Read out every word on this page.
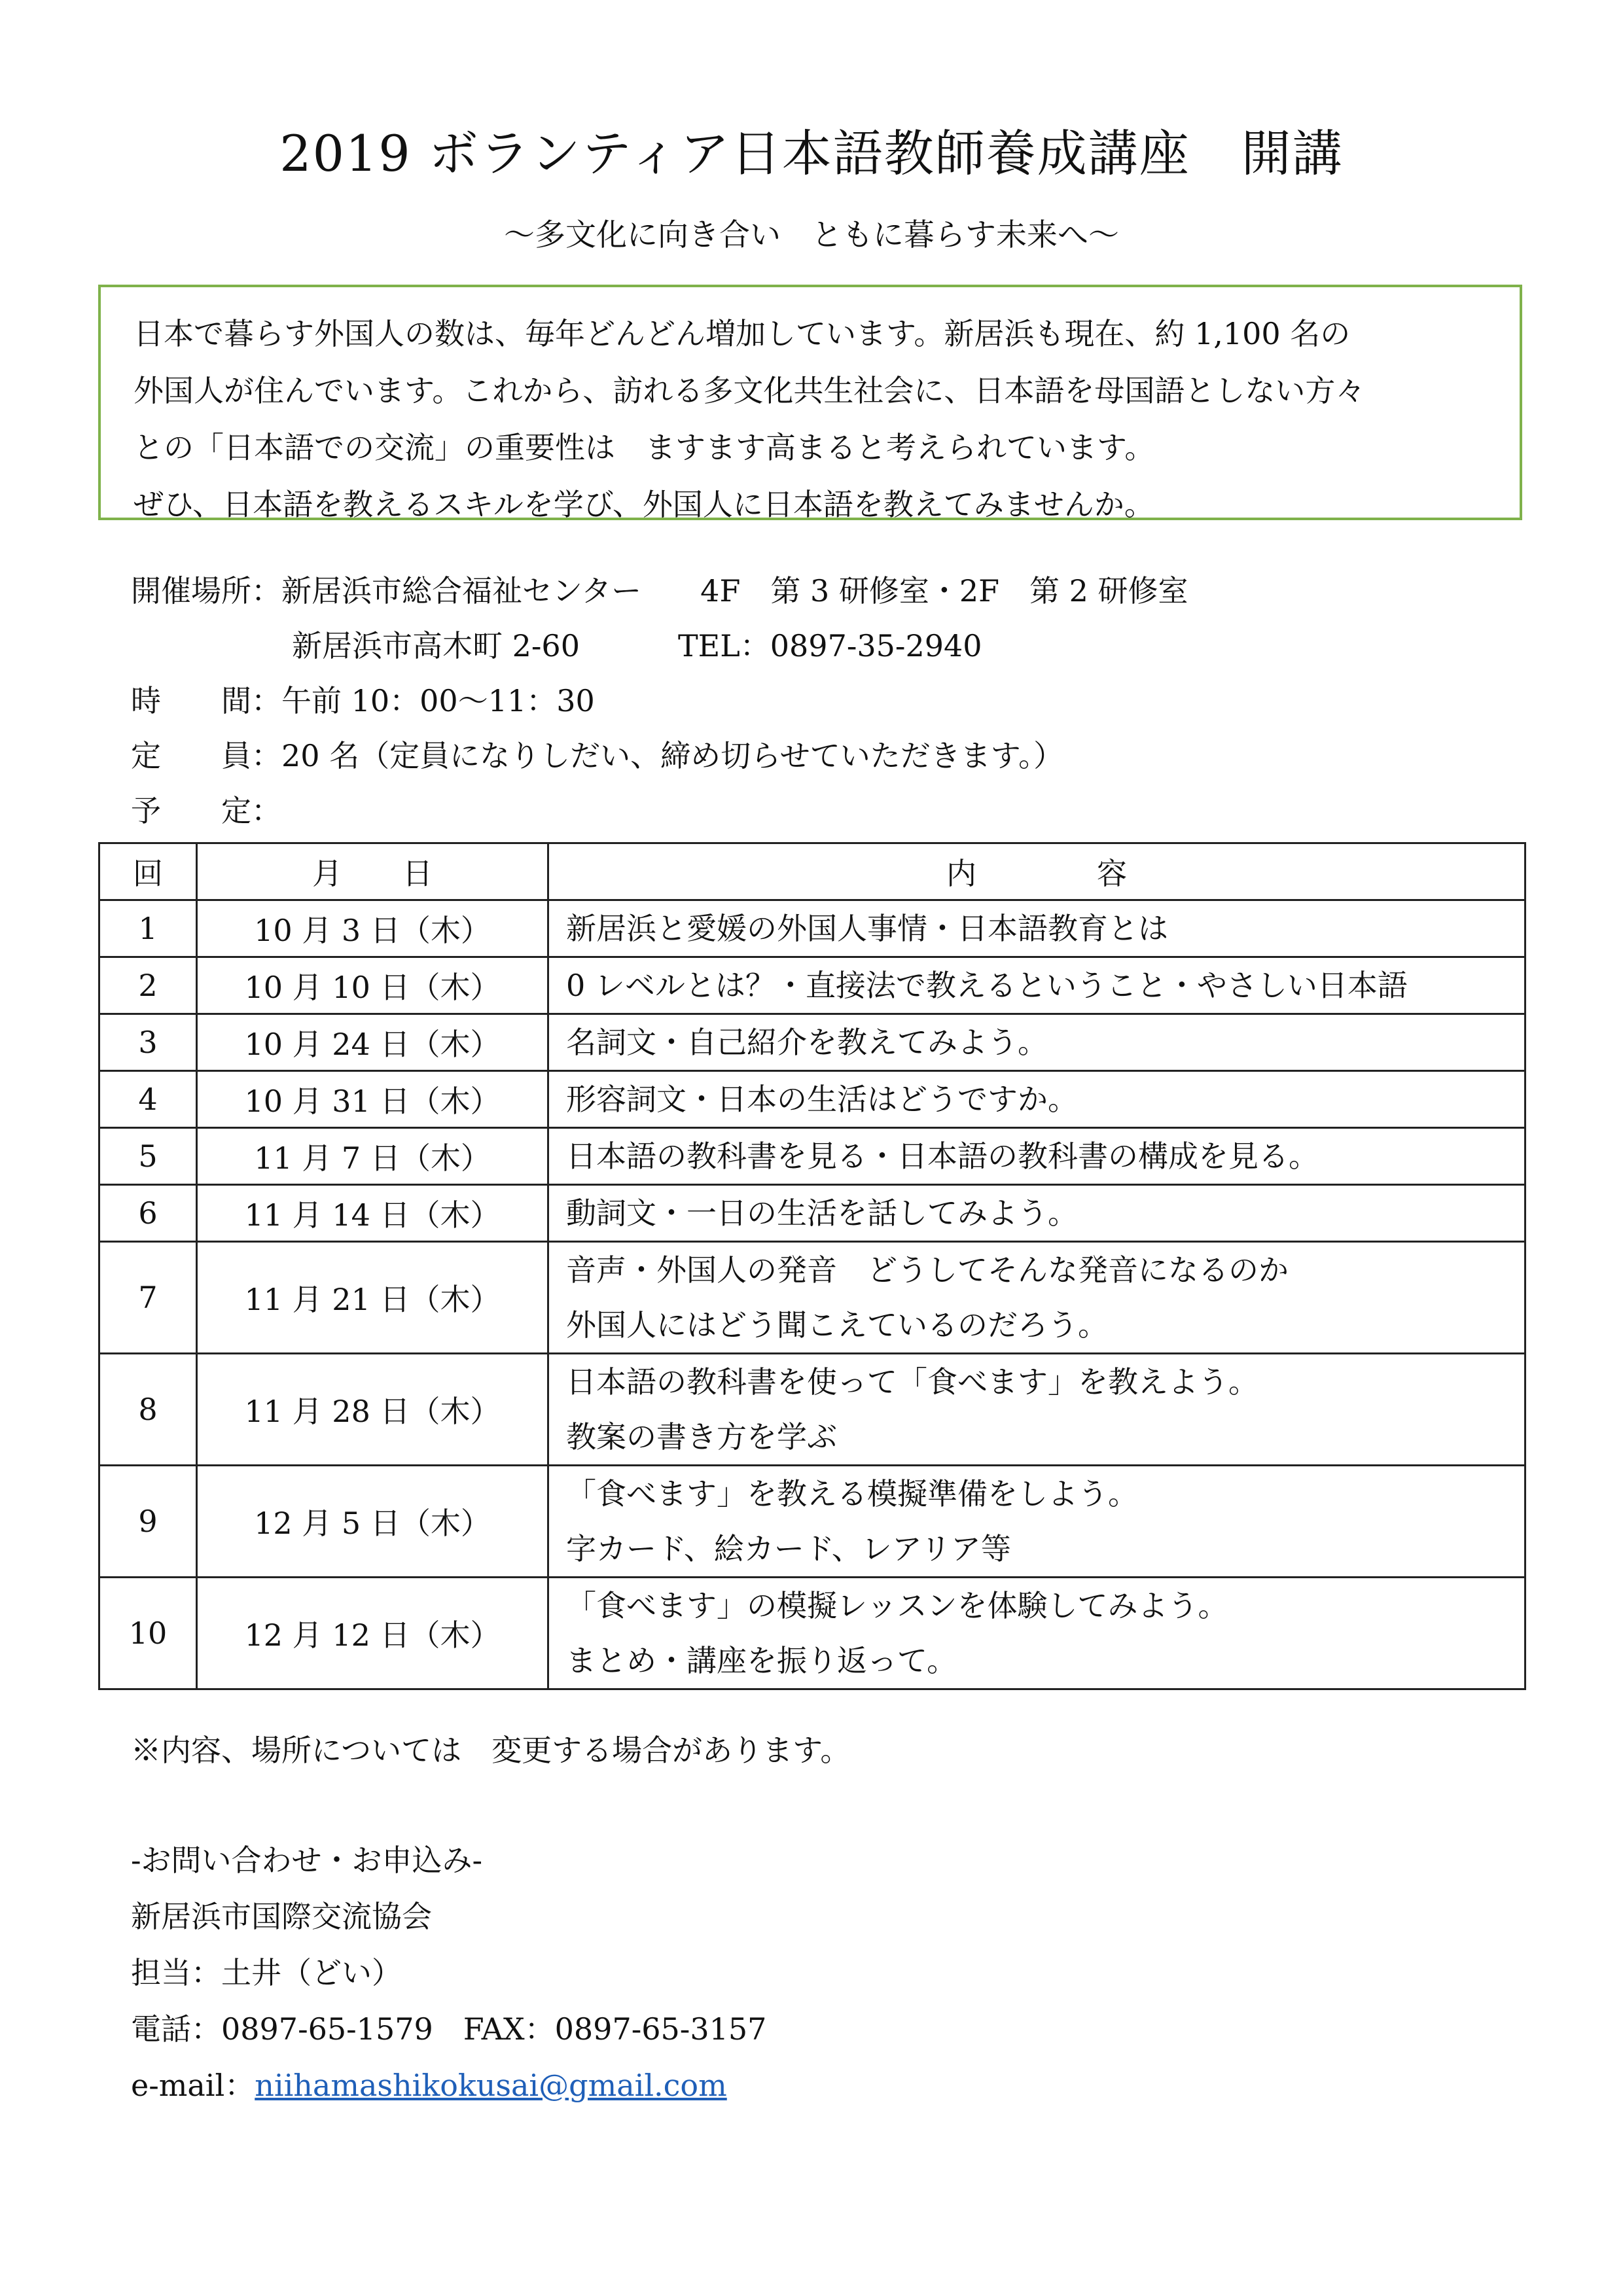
2019 ボランティア日本語教師養成講座　開講
～多文化に向き合い　ともに暮らす未来へ～
日本で暮らす外国人の数は、毎年どんどん増加しています。新居浜も現在、約 1,100 名の
外国人が住んでいます。これから、訪れる多文化共生社会に、日本語を母国語としない方々
との「日本語での交流」の重要性は　ますます高まると考えられています。
ぜひ、日本語を教えるスキルを学び、外国人に日本語を教えてみませんか。
開催場所：新居浜市総合福祉センター 4F　第 3 研修室・2F　第 2 研修室
新居浜市高木町 2-60	TEL：0897-35-2940
時　　間：午前 10：00～11：30
定　　員：20 名（定員になりしだい、締め切らせていただきます。）
予　　定：
回	月　　日	内　　　　容
1	10 月 3 日（木）	新居浜と愛媛の外国人事情・日本語教育とは

2	10 月 10 日（木）	0 レベルとは？・直接法で教えるということ・やさしい日本語

3	10 月 24 日（木）	名詞文・自己紹介を教えてみよう。

4	10 月 31 日（木）	形容詞文・日本の生活はどうですか。

5	11 月 7 日（木）	日本語の教科書を見る・日本語の教科書の構成を見る。

6	11 月 14 日（木）	動詞文・一日の生活を話してみよう。

7	11 月 21 日（木）	音声・外国人の発音　どうしてそんな発音になるのか
外国人にはどう聞こえているのだろう。

8	11 月 28 日（木）	日本語の教科書を使って「食べます」を教えよう。
教案の書き方を学ぶ

9	12 月 5 日（木）	「食べます」を教える模擬準備をしよう。
字カード、絵カード、レアリア等

10	12 月 12 日（木）	「食べます」の模擬レッスンを体験してみよう。
まとめ・講座を振り返って。
※内容、場所については　変更する場合があります。
-お問い合わせ・お申込み-
新居浜市国際交流協会
担当：土井（どい）
電話：0897-65-1579　FAX：0897-65-3157
e-mail：niihamashikokusai@gmail.com
